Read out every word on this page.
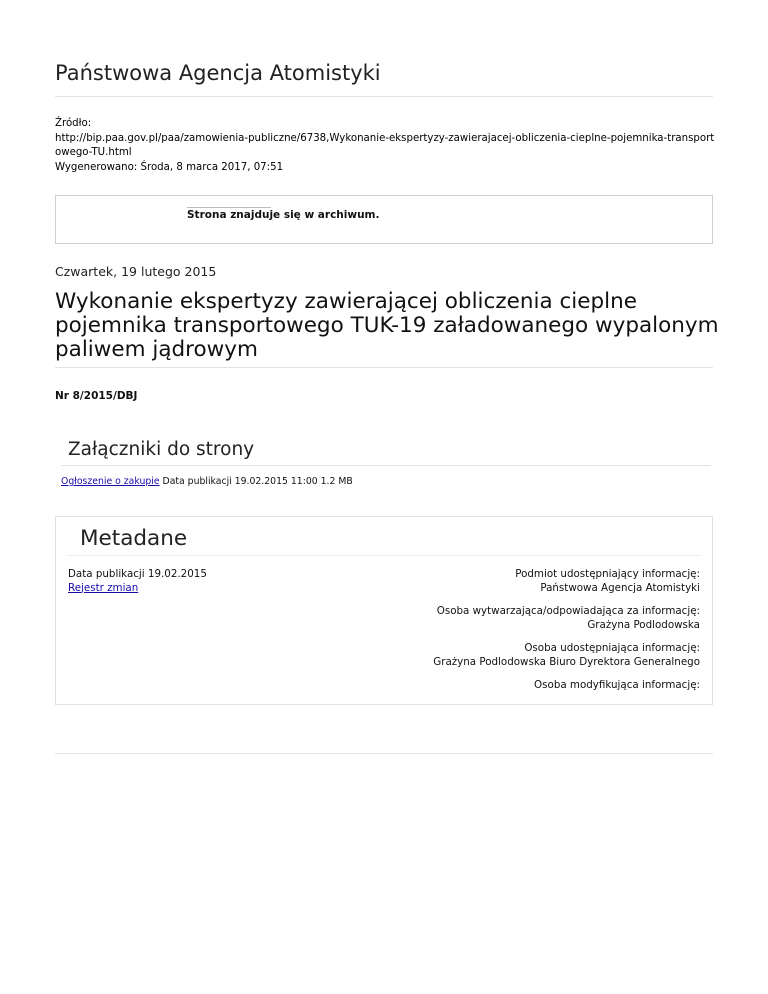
Państwowa Agencja Atomistyki
Źródło:
http://bip.paa.gov.pl/paa/zamowienia-publiczne/6738,Wykonanie-ekspertyzy-zawierajacej-obliczenia-cieplne-pojemnika-transportowego-TU.html
Wygenerowano: Środa, 8 marca 2017, 07:51
Strona znajduje się w archiwum.
Czwartek, 19 lutego 2015
Wykonanie ekspertyzy zawierającej obliczenia cieplne pojemnika transportowego TUK-19 załadowanego wypalonym paliwem jądrowym
Nr 8/2015/DBJ
Załączniki do strony
Ogłoszenie o zakupie Data publikacji 19.02.2015 11:00 1.2 MB
Metadane
Data publikacji 19.02.2015
Rejestr zmian
Podmiot udostępniający informację:
Państwowa Agencja Atomistyki
Osoba wytwarzająca/odpowiadająca za informację:
Grażyna Podlodowska
Osoba udostępniająca informację:
Grażyna Podlodowska Biuro Dyrektora Generalnego
Osoba modyfikująca informację:
